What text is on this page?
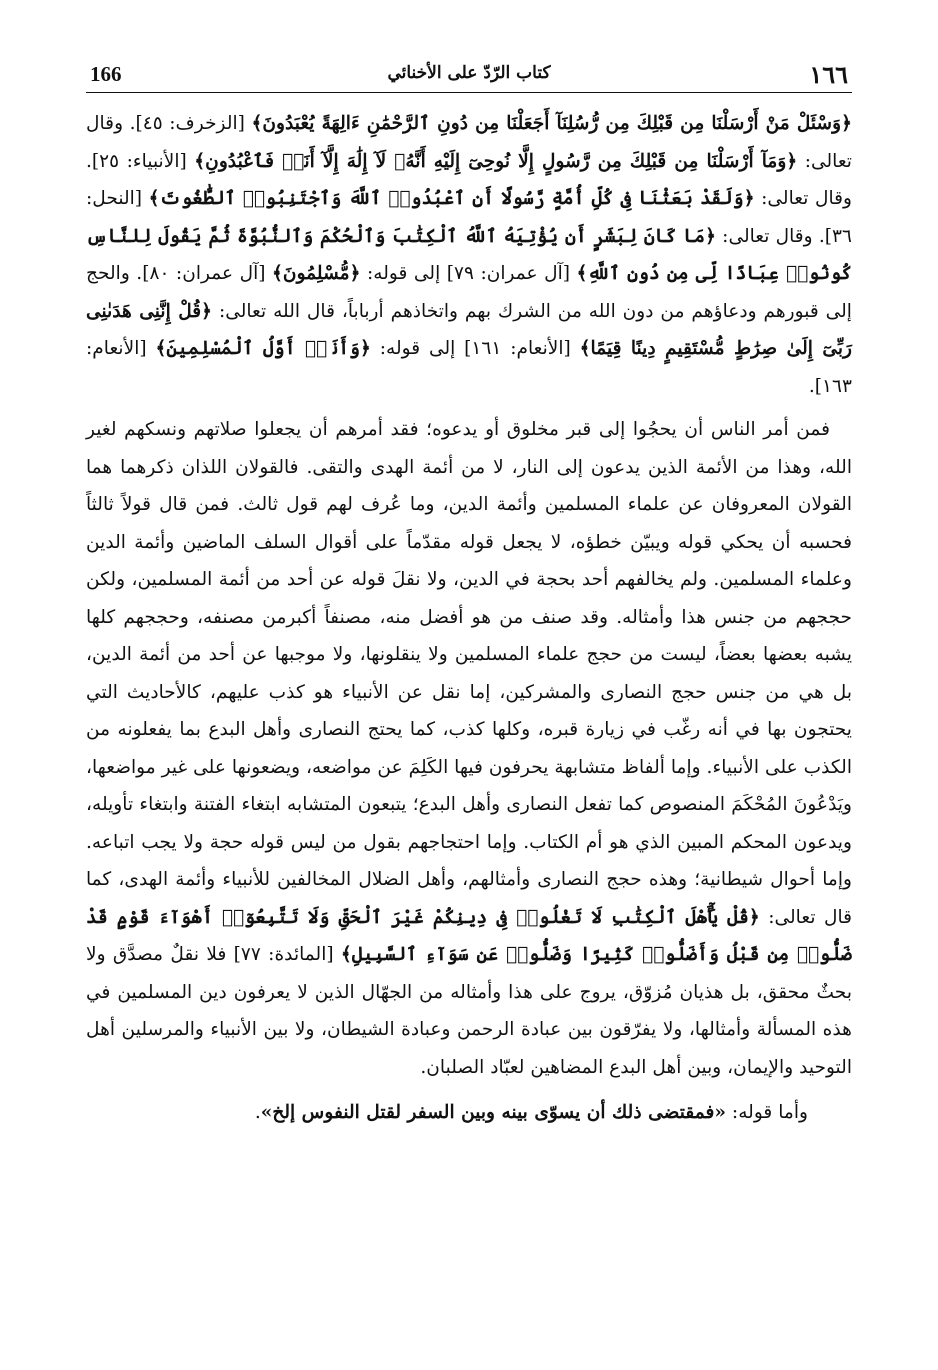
١٦٦
كتاب الرّدّ على الأخنائي
166

﴿وَسْئَلْ مَنْ أَرْسَلْنَا مِن قَبْلِكَ مِن رُّسُلِنَآ أَجَعَلْنَا مِن دُونِ ٱلرَّحْمَٰنِ ءَالِهَةً يُعْبَدُونَ﴾ [الزخرف: ٤٥]. وقال تعالى: ﴿وَمَآ أَرْسَلْنَا مِن قَبْلِكَ مِن رَّسُولٍ إِلَّا نُوحِىٓ إِلَيْهِ أَنَّهُۥ لَآ إِلَٰهَ إِلَّآ أَنَا۠ فَٱعْبُدُونِ﴾ [الأنبياء: ٢٥]. وقال تعالى: ﴿وَلَقَدْ بَعَثْنَا فِى كُلِّ أُمَّةٍ رَّسُولًا أَنِ ٱعْبُدُوا۟ ٱللَّهَ وَٱجْتَنِبُوا۟ ٱلطَّٰغُوتَ﴾ [النحل: ٣٦]. وقال تعالى: ﴿مَا كَانَ لِبَشَرٍ أَن يُؤْتِيَهُ ٱللَّهُ ٱلْكِتَٰبَ وَٱلْحُكْمَ وَٱلنُّبُوَّةَ ثُمَّ يَقُولَ لِلنَّاسِ كُونُوا۟ عِبَادًا لِّى مِن دُونِ ٱللَّهِ﴾ [آل عمران: ٧٩] إلى قوله: ﴿مُّسْلِمُونَ﴾ [آل عمران: ٨٠]. والحج إلى قبورهم ودعاؤهم من دون الله من الشرك بهم واتخاذهم أرباباً، قال الله تعالى: ﴿قُلْ إِنَّنِى هَدَىٰنِى رَبِّىٓ إِلَىٰ صِرَٰطٍ مُّسْتَقِيمٍ دِينًا قِيَمًا﴾ [الأنعام: ١٦١] إلى قوله: ﴿وَأَنَا۠ أَوَّلُ ٱلْمُسْلِمِينَ﴾ [الأنعام: ١٦٣].

فمن أمر الناس أن يحجُوا إلى قبر مخلوق أو يدعوه؛ فقد أمرهم أن يجعلوا صلاتهم ونسكهم لغير الله، وهذا من الأئمة الذين يدعون إلى النار، لا من أئمة الهدى والتقى. فالقولان اللذان ذكرهما هما القولان المعروفان عن علماء المسلمين وأئمة الدين، وما عُرف لهم قول ثالث. فمن قال قولاً ثالثاً فحسبه أن يحكي قوله ويبيّن خطؤه، لا يجعل قوله مقدّماً على أقوال السلف الماضين وأئمة الدين وعلماء المسلمين. ولم يخالفهم أحد بحجة في الدين، ولا نقلَ قوله عن أحد من أئمة المسلمين، ولكن حججهم من جنس هذا وأمثاله. وقد صنف من هو أفضل منه، مصنفاً أكبرمن مصنفه، وحججهم كلها يشبه بعضها بعضاً، ليست من حجج علماء المسلمين ولا ينقلونها، ولا موجبها عن أحد من أئمة الدين، بل هي من جنس حجج النصارى والمشركين، إما نقل عن الأنبياء هو كذب عليهم، كالأحاديث التي يحتجون بها في أنه رغّب في زيارة قبره، وكلها كذب، كما يحتج النصارى وأهل البدع بما يفعلونه من الكذب على الأنبياء. وإما ألفاظ متشابهة يحرفون فيها الكَلِمَ عن مواضعه، ويضعونها على غير مواضعها، ويَدْعُونَ المُحْكَمَ المنصوص كما تفعل النصارى وأهل البدع؛ يتبعون المتشابه ابتغاء الفتنة وابتغاء تأويله، ويدعون المحكم المبين الذي هو أم الكتاب. وإما احتجاجهم بقول من ليس قوله حجة ولا يجب اتباعه. وإما أحوال شيطانية؛ وهذه حجج النصارى وأمثالهم، وأهل الضلال المخالفين للأنبياء وأئمة الهدى، كما قال تعالى: ﴿قُلْ يَٰٓأَهْلَ ٱلْكِتَٰبِ لَا تَغْلُوا۟ فِى دِينِكُمْ غَيْرَ ٱلْحَقِّ وَلَا تَتَّبِعُوٓا۟ أَهْوَآءَ قَوْمٍ قَدْ ضَلُّوا۟ مِن قَبْلُ وَأَضَلُّوا۟ كَثِيرًا وَضَلُّوا۟ عَن سَوَآءِ ٱلسَّبِيلِ﴾ [المائدة: ٧٧] فلا نقلٌ مصدَّق ولا بحثٌ محقق، بل هذيان مُزوّق، يروج على هذا وأمثاله من الجهّال الذين لا يعرفون دين المسلمين في هذه المسألة وأمثالها، ولا يفرّقون بين عبادة الرحمن وعبادة الشيطان، ولا بين الأنبياء والمرسلين أهل التوحيد والإيمان، وبين أهل البدع المضاهين لعبّاد الصلبان.

وأما قوله: «فمقتضى ذلك أن يسوّى بينه وبين السفر لقتل النفوس إلخ».
